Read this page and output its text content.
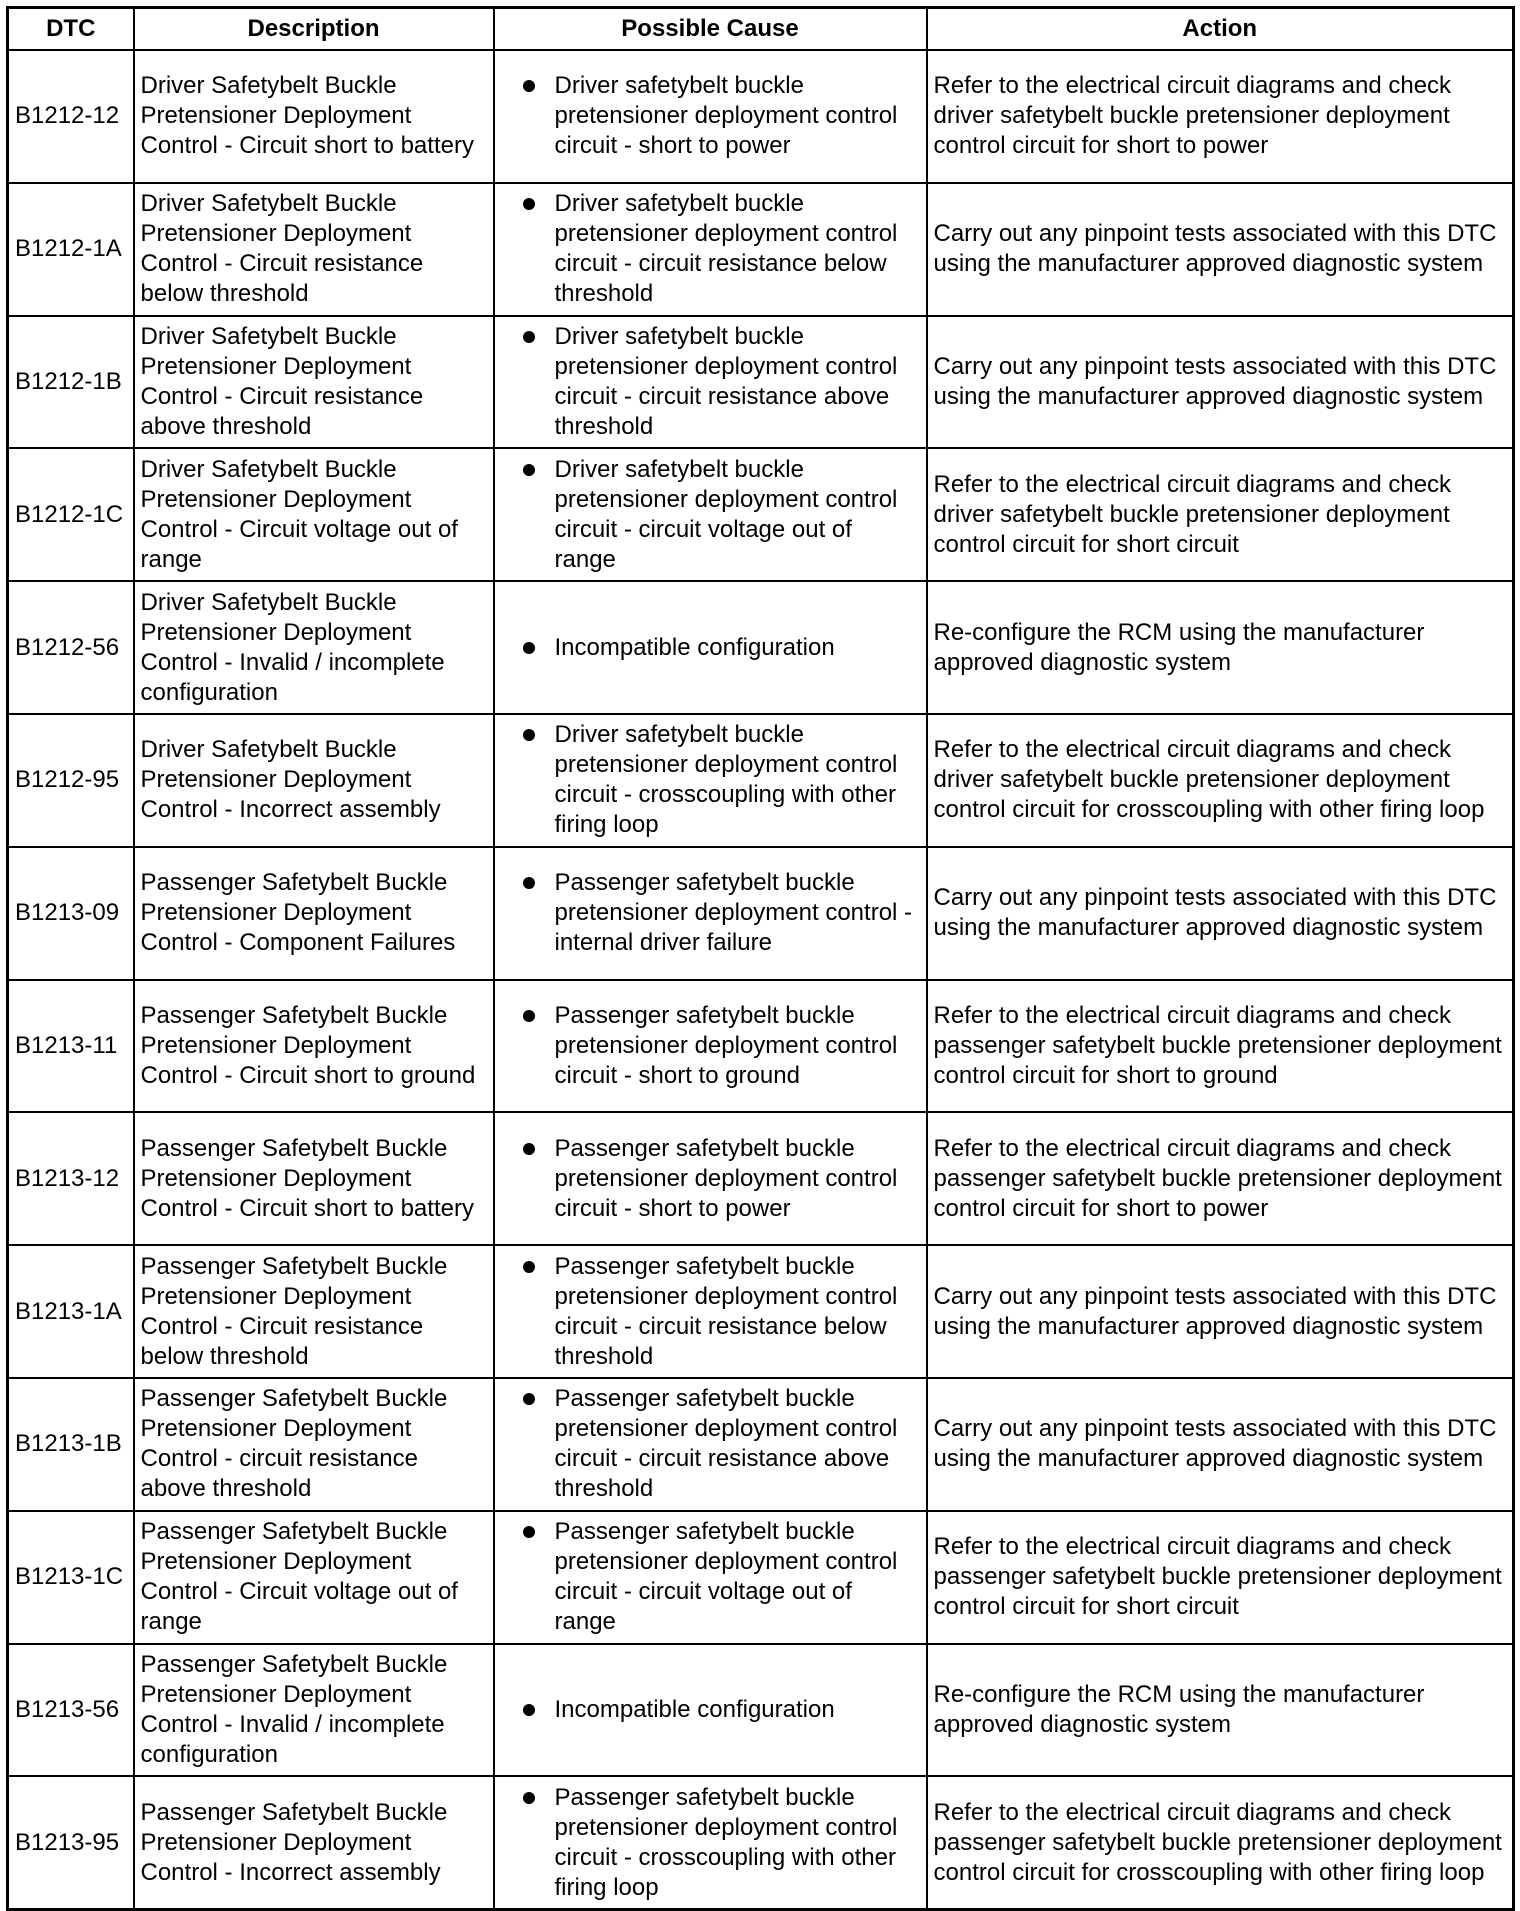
DTC	Description	Possible Cause	Action
B1212-12	Driver Safetybelt Buckle Pretensioner Deployment Control - Circuit short to battery	Driver safetybelt buckle pretensioner deployment control circuit - short to power	Refer to the electrical circuit diagrams and check driver safetybelt buckle pretensioner deployment control circuit for short to power
B1212-1A	Driver Safetybelt Buckle Pretensioner Deployment Control - Circuit resistance below threshold	Driver safetybelt buckle pretensioner deployment control circuit - circuit resistance below threshold	Carry out any pinpoint tests associated with this DTC using the manufacturer approved diagnostic system
B1212-1B	Driver Safetybelt Buckle Pretensioner Deployment Control - Circuit resistance above threshold	Driver safetybelt buckle pretensioner deployment control circuit - circuit resistance above threshold	Carry out any pinpoint tests associated with this DTC using the manufacturer approved diagnostic system
B1212-1C	Driver Safetybelt Buckle Pretensioner Deployment Control - Circuit voltage out of range	Driver safetybelt buckle pretensioner deployment control circuit - circuit voltage out of range	Refer to the electrical circuit diagrams and check driver safetybelt buckle pretensioner deployment control circuit for short circuit
B1212-56	Driver Safetybelt Buckle Pretensioner Deployment Control - Invalid / incomplete configuration	Incompatible configuration	Re-configure the RCM using the manufacturer approved diagnostic system
B1212-95	Driver Safetybelt Buckle Pretensioner Deployment Control - Incorrect assembly	Driver safetybelt buckle pretensioner deployment control circuit - crosscoupling with other firing loop	Refer to the electrical circuit diagrams and check driver safetybelt buckle pretensioner deployment control circuit for crosscoupling with other firing loop
B1213-09	Passenger Safetybelt Buckle Pretensioner Deployment Control - Component Failures	Passenger safetybelt buckle pretensioner deployment control - internal driver failure	Carry out any pinpoint tests associated with this DTC using the manufacturer approved diagnostic system
B1213-11	Passenger Safetybelt Buckle Pretensioner Deployment Control - Circuit short to ground	Passenger safetybelt buckle pretensioner deployment control circuit - short to ground	Refer to the electrical circuit diagrams and check passenger safetybelt buckle pretensioner deployment control circuit for short to ground
B1213-12	Passenger Safetybelt Buckle Pretensioner Deployment Control - Circuit short to battery	Passenger safetybelt buckle pretensioner deployment control circuit - short to power	Refer to the electrical circuit diagrams and check passenger safetybelt buckle pretensioner deployment control circuit for short to power
B1213-1A	Passenger Safetybelt Buckle Pretensioner Deployment Control - Circuit resistance below threshold	Passenger safetybelt buckle pretensioner deployment control circuit - circuit resistance below threshold	Carry out any pinpoint tests associated with this DTC using the manufacturer approved diagnostic system
B1213-1B	Passenger Safetybelt Buckle Pretensioner Deployment Control - circuit resistance above threshold	Passenger safetybelt buckle pretensioner deployment control circuit - circuit resistance above threshold	Carry out any pinpoint tests associated with this DTC using the manufacturer approved diagnostic system
B1213-1C	Passenger Safetybelt Buckle Pretensioner Deployment Control - Circuit voltage out of range	Passenger safetybelt buckle pretensioner deployment control circuit - circuit voltage out of range	Refer to the electrical circuit diagrams and check passenger safetybelt buckle pretensioner deployment control circuit for short circuit
B1213-56	Passenger Safetybelt Buckle Pretensioner Deployment Control - Invalid / incomplete configuration	Incompatible configuration	Re-configure the RCM using the manufacturer approved diagnostic system
B1213-95	Passenger Safetybelt Buckle Pretensioner Deployment Control - Incorrect assembly	Passenger safetybelt buckle pretensioner deployment control circuit - crosscoupling with other firing loop	Refer to the electrical circuit diagrams and check passenger safetybelt buckle pretensioner deployment control circuit for crosscoupling with other firing loop
